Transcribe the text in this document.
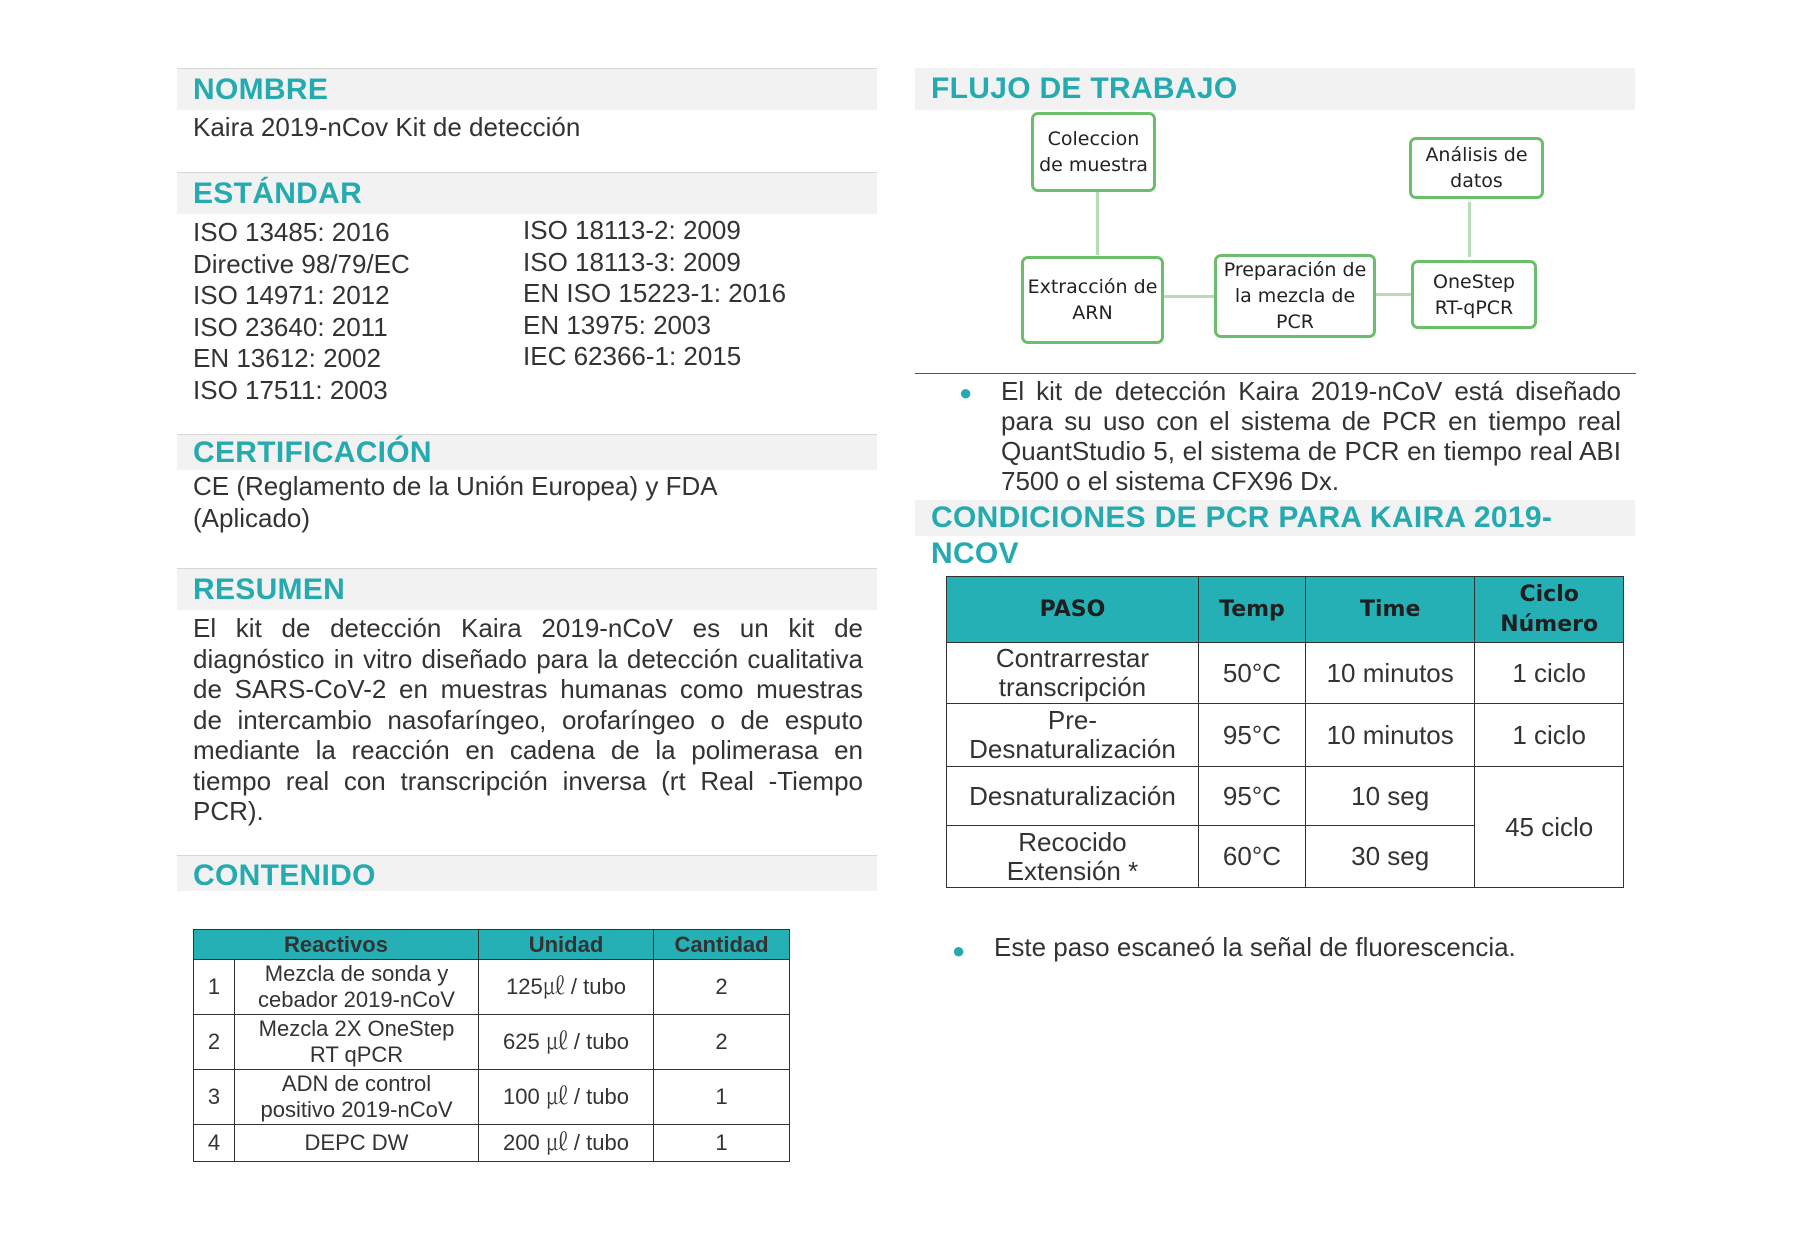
NOMBRE
Kaira 2019-nCov Kit de detección
ESTÁNDAR
ISO 13485: 2016
Directive 98/79/EC
ISO 14971: 2012
ISO 23640: 2011
EN 13612: 2002
ISO 17511: 2003
ISO 18113-2: 2009
ISO 18113-3: 2009
EN ISO 15223-1: 2016
EN 13975: 2003
IEC 62366-1: 2015
CERTIFICACIÓN
CE (Reglamento de la Unión Europea) y FDA
(Aplicado)
RESUMEN
El kit de detección Kaira 2019-nCoV es un kit de diagnóstico in vitro diseñado para la detección cualitativa de SARS-CoV-2 en muestras humanas como muestras de intercambio nasofaríngeo, orofaríngeo o de esputo mediante la reacción en cadena de la polimerasa en tiempo real con transcripción inversa (rt Real -Tiempo PCR).
CONTENIDO
Reactivos		Unidad	Cantidad
1	Mezcla de sonda y
cebador 2019-nCoV	125㎕ / tubo	2
2	Mezcla 2X OneStep
RT qPCR	625 ㎕ / tubo	2
3	ADN de control
positivo 2019-nCoV	100 ㎕ / tubo	1
4	DEPC DW	200 ㎕ / tubo	1
FLUJO DE TRABAJO
Coleccion de muestra
Extracción de ARN
Preparación de la mezcla de PCR
OneStep RT-qPCR
Análisis de datos
● El kit de detección Kaira 2019-nCoV está diseñado para su uso con el sistema de PCR en tiempo real QuantStudio 5, el sistema de PCR en tiempo real ABI 7500 o el sistema CFX96 Dx.
CONDICIONES DE PCR PARA KAIRA 2019-NCOV
PASO	Temp	Time	Ciclo
Número

Contrarrestar
transcripción	50°C	10 minutos	1 ciclo

Pre-
Desnaturalización	95°C	10 minutos	1 ciclo
Desnaturalización	95°C	10 seg	45 ciclo

Recocido
Extensión *	60°C	30 seg	
● Este paso escaneó la señal de fluorescencia.
